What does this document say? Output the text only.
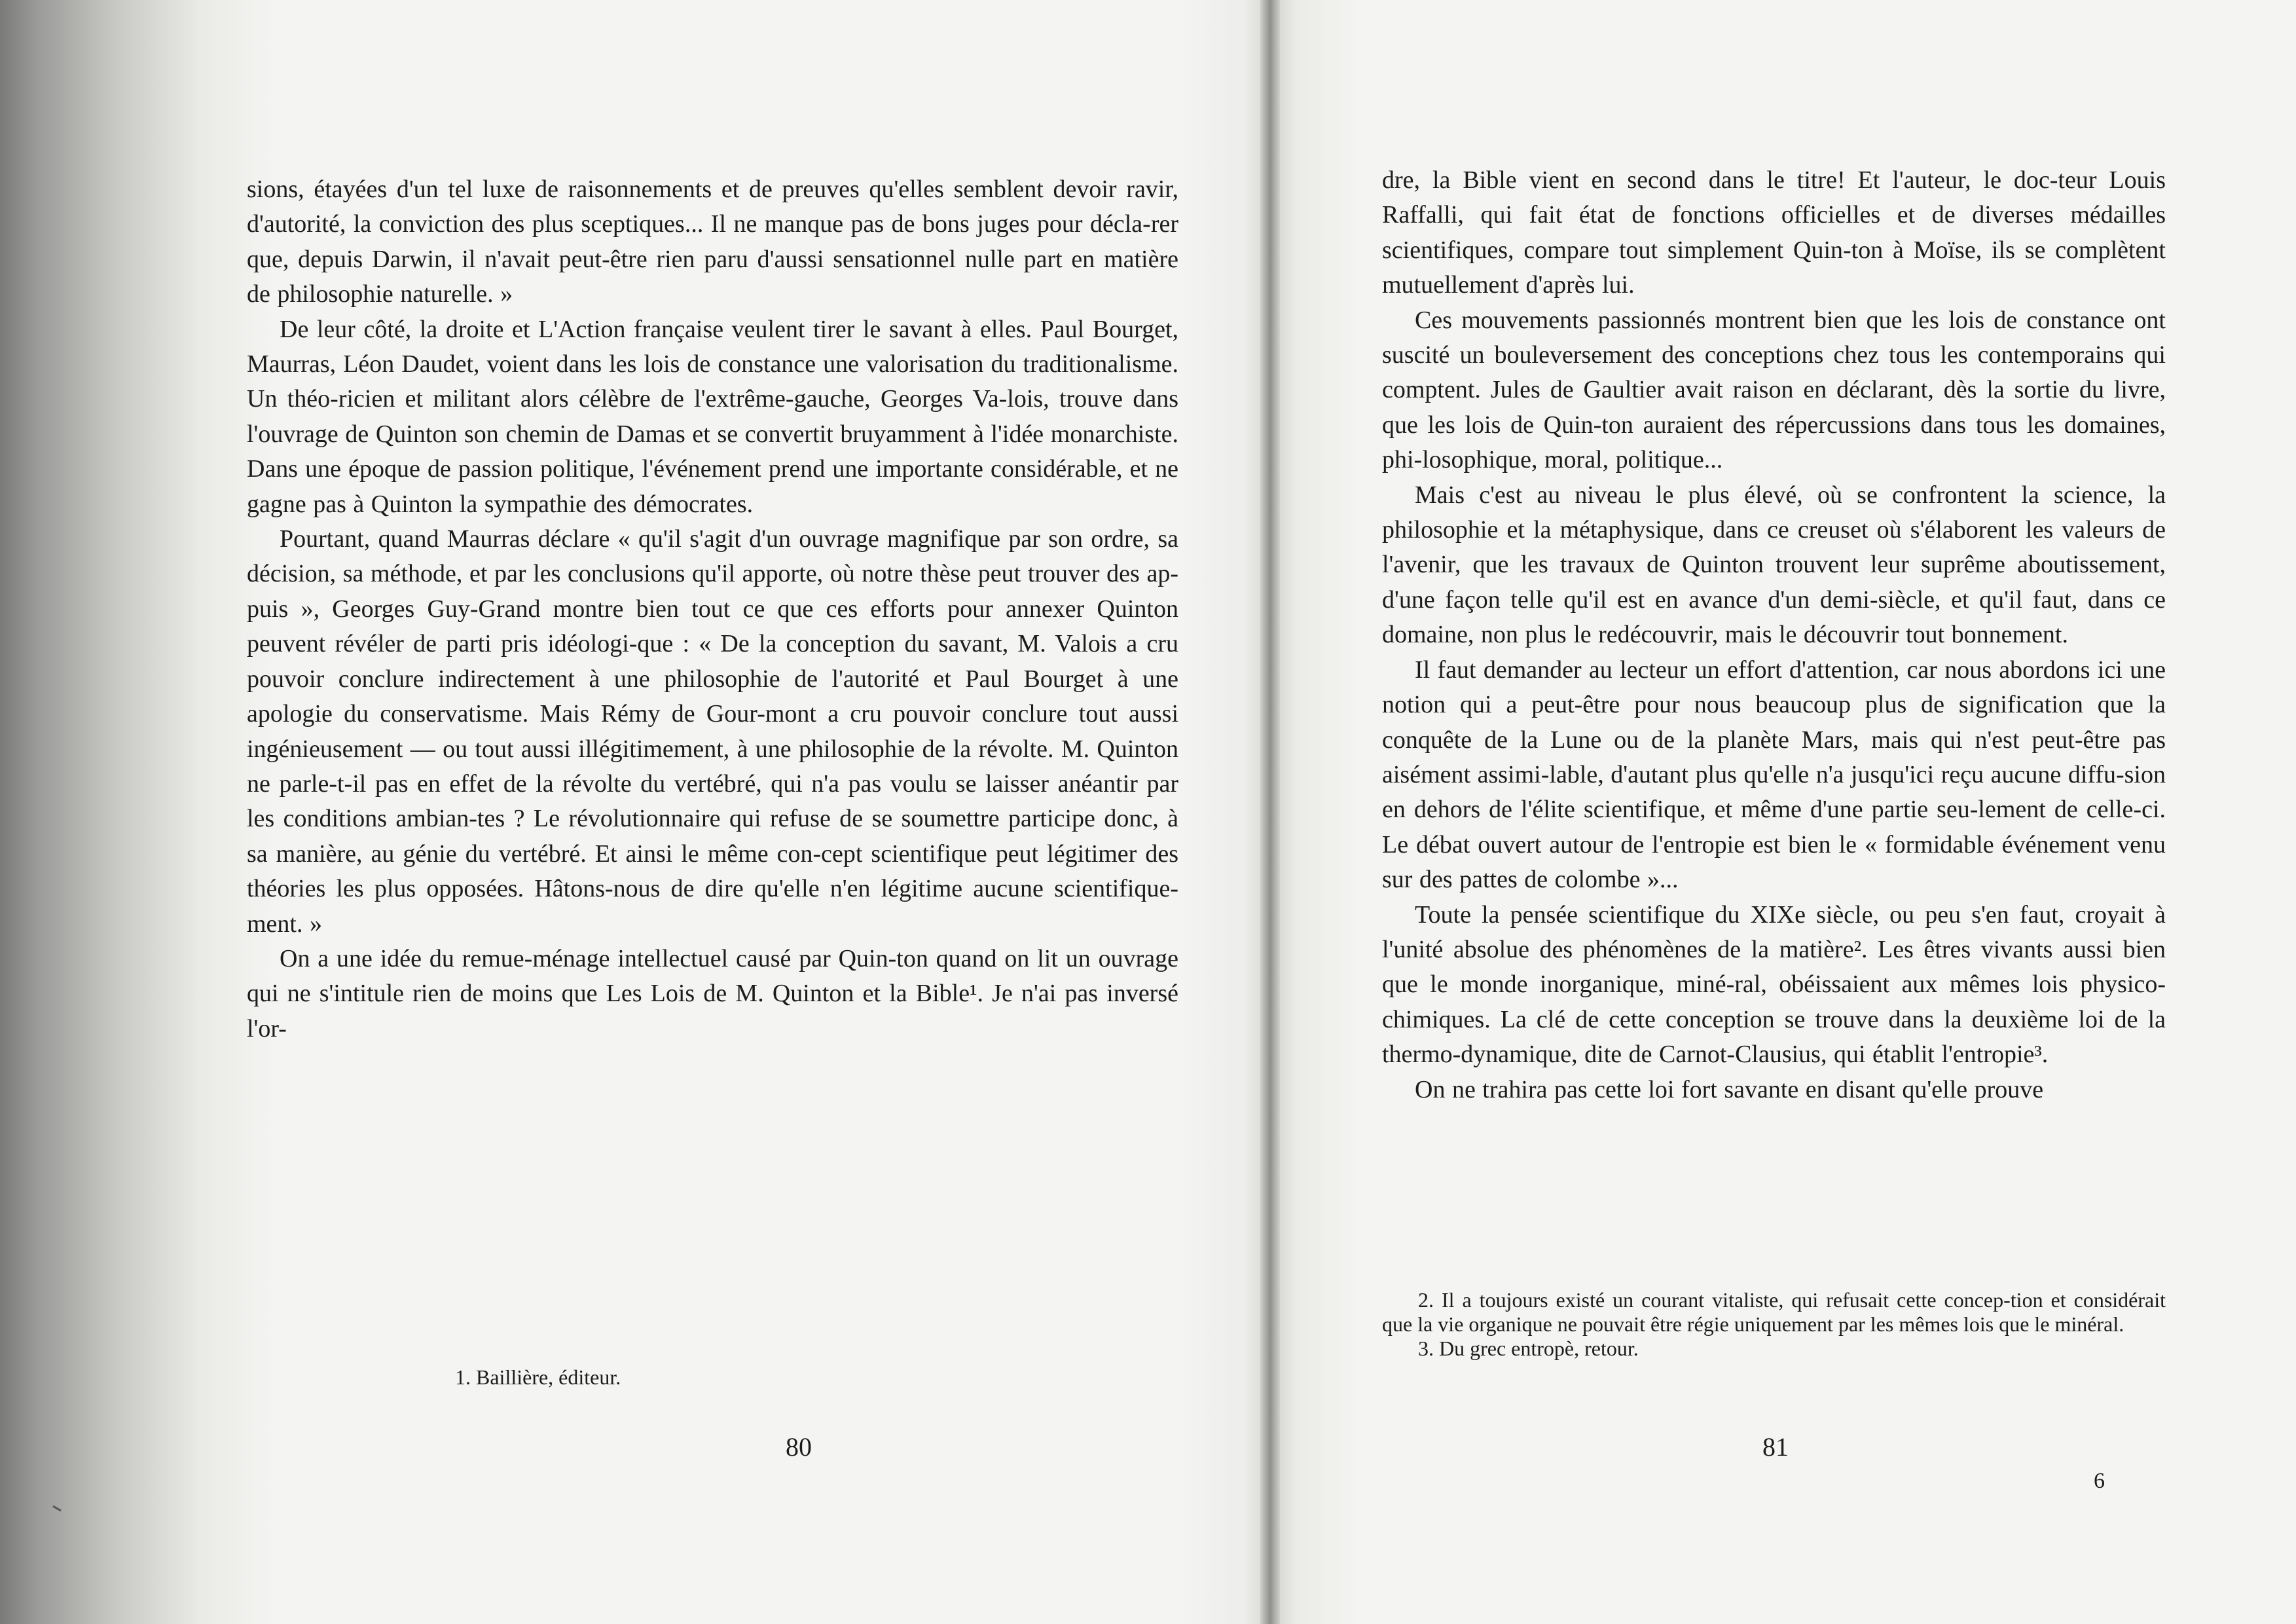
sions, étayées d'un tel luxe de raisonnements et de preuves qu'elles semblent devoir ravir, d'autorité, la conviction des plus sceptiques... Il ne manque pas de bons juges pour décla-rer que, depuis Darwin, il n'avait peut-être rien paru d'aussi sensationnel nulle part en matière de philosophie naturelle. »

De leur côté, la droite et L'Action française veulent tirer le savant à elles. Paul Bourget, Maurras, Léon Daudet, voient dans les lois de constance une valorisation du traditionalisme. Un théo-ricien et militant alors célèbre de l'extrême-gauche, Georges Va-lois, trouve dans l'ouvrage de Quinton son chemin de Damas et se convertit bruyamment à l'idée monarchiste. Dans une époque de passion politique, l'événement prend une importante considérable, et ne gagne pas à Quinton la sympathie des démocrates.

Pourtant, quand Maurras déclare « qu'il s'agit d'un ouvrage magnifique par son ordre, sa décision, sa méthode, et par les conclusions qu'il apporte, où notre thèse peut trouver des ap-puis », Georges Guy-Grand montre bien tout ce que ces efforts pour annexer Quinton peuvent révéler de parti pris idéologi-que : « De la conception du savant, M. Valois a cru pouvoir conclure indirectement à une philosophie de l'autorité et Paul Bourget à une apologie du conservatisme. Mais Rémy de Gour-mont a cru pouvoir conclure tout aussi ingénieusement — ou tout aussi illégitimement, à une philosophie de la révolte. M. Quinton ne parle-t-il pas en effet de la révolte du vertébré, qui n'a pas voulu se laisser anéantir par les conditions ambian-tes ? Le révolutionnaire qui refuse de se soumettre participe donc, à sa manière, au génie du vertébré. Et ainsi le même con-cept scientifique peut légitimer des théories les plus opposées. Hâtons-nous de dire qu'elle n'en légitime aucune scientifique-ment. »

On a une idée du remue-ménage intellectuel causé par Quin-ton quand on lit un ouvrage qui ne s'intitule rien de moins que Les Lois de M. Quinton et la Bible¹. Je n'ai pas inversé l'or-

1. Baillière, éditeur.

80

dre, la Bible vient en second dans le titre! Et l'auteur, le doc-teur Louis Raffalli, qui fait état de fonctions officielles et de diverses médailles scientifiques, compare tout simplement Quin-ton à Moïse, ils se complètent mutuellement d'après lui.

Ces mouvements passionnés montrent bien que les lois de constance ont suscité un bouleversement des conceptions chez tous les contemporains qui comptent. Jules de Gaultier avait raison en déclarant, dès la sortie du livre, que les lois de Quin-ton auraient des répercussions dans tous les domaines, phi-losophique, moral, politique...

Mais c'est au niveau le plus élevé, où se confrontent la science, la philosophie et la métaphysique, dans ce creuset où s'élaborent les valeurs de l'avenir, que les travaux de Quinton trouvent leur suprême aboutissement, d'une façon telle qu'il est en avance d'un demi-siècle, et qu'il faut, dans ce domaine, non plus le redécouvrir, mais le découvrir tout bonnement.

Il faut demander au lecteur un effort d'attention, car nous abordons ici une notion qui a peut-être pour nous beaucoup plus de signification que la conquête de la Lune ou de la planète Mars, mais qui n'est peut-être pas aisément assimi-lable, d'autant plus qu'elle n'a jusqu'ici reçu aucune diffu-sion en dehors de l'élite scientifique, et même d'une partie seu-lement de celle-ci. Le débat ouvert autour de l'entropie est bien le « formidable événement venu sur des pattes de colombe »...

Toute la pensée scientifique du XIXe siècle, ou peu s'en faut, croyait à l'unité absolue des phénomènes de la matière². Les êtres vivants aussi bien que le monde inorganique, miné-ral, obéissaient aux mêmes lois physico-chimiques. La clé de cette conception se trouve dans la deuxième loi de la thermo-dynamique, dite de Carnot-Clausius, qui établit l'entropie³.

On ne trahira pas cette loi fort savante en disant qu'elle prouve

2. Il a toujours existé un courant vitaliste, qui refusait cette concep-tion et considérait que la vie organique ne pouvait être régie uniquement par les mêmes lois que le minéral.

3. Du grec entropè, retour.

81
6
